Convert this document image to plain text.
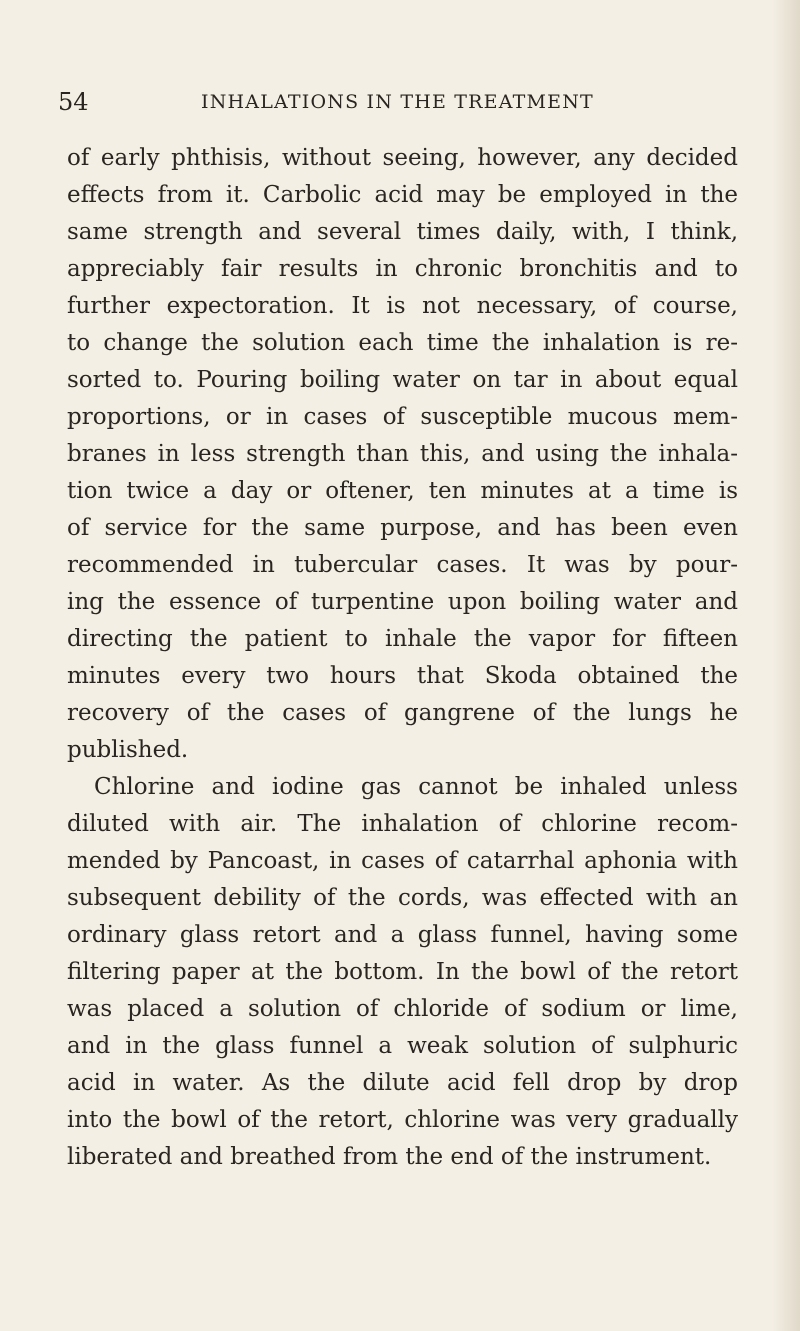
54	INHALATIONS IN THE TREATMENT
of early phthisis, without seeing, however, any decided
effects from it. Carbolic acid may be employed in the
same strength and several times daily, with, I think,
appreciably fair results in chronic bronchitis and to
further expectoration. It is not necessary, of course,
to change the solution each time the inhalation is re-
sorted to. Pouring boiling water on tar in about equal
proportions, or in cases of susceptible mucous mem-
branes in less strength than this, and using the inhala-
tion twice a day or oftener, ten minutes at a time is
of service for the same purpose, and has been even
recommended in tubercular cases. It was by pour-
ing the essence of turpentine upon boiling water and
directing the patient to inhale the vapor for fifteen
minutes every two hours that Skoda obtained the
recovery of the cases of gangrene of the lungs he
published.
Chlorine and iodine gas cannot be inhaled unless
diluted with air. The inhalation of chlorine recom-
mended by Pancoast, in cases of catarrhal aphonia with
subsequent debility of the cords, was effected with an
ordinary glass retort and a glass funnel, having some
filtering paper at the bottom. In the bowl of the retort
was placed a solution of chloride of sodium or lime,
and in the glass funnel a weak solution of sulphuric
acid in water. As the dilute acid fell drop by drop
into the bowl of the retort, chlorine was very gradually
liberated and breathed from the end of the instrument.
